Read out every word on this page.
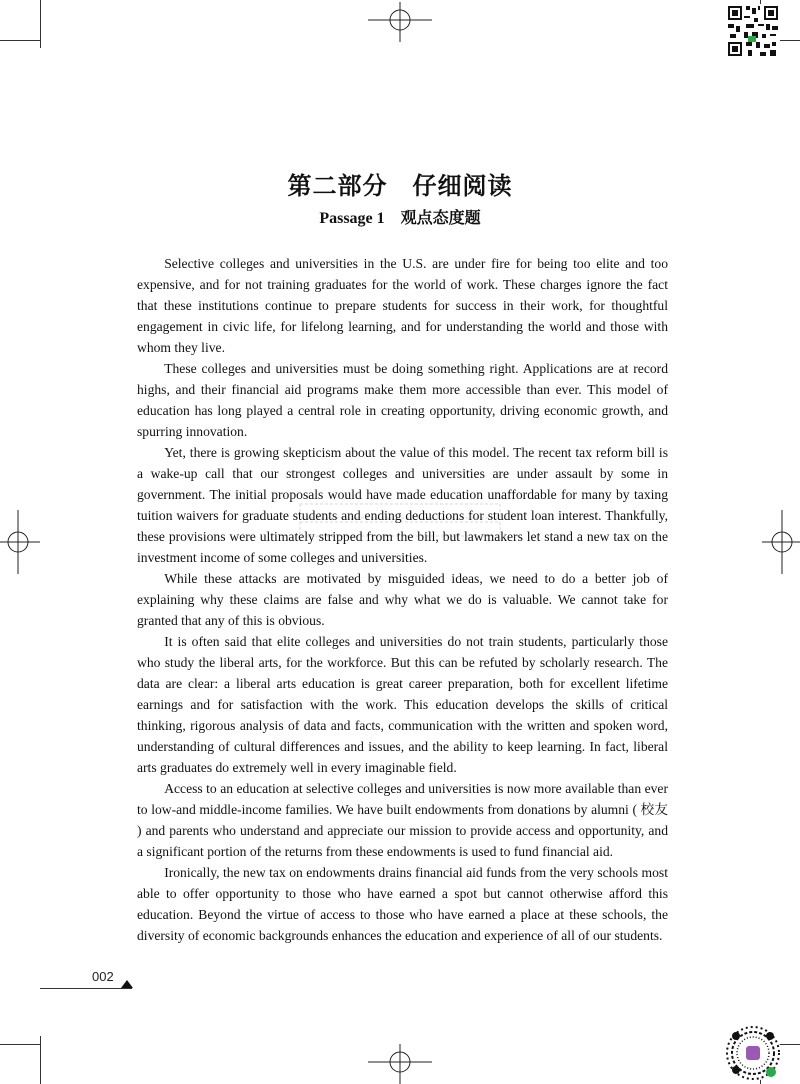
第二部分　仔细阅读
Passage 1　观点态度题

Selective colleges and universities in the U.S. are under fire for being too elite and too expensive, and for not training graduates for the world of work. These charges ignore the fact that these institutions continue to prepare students for success in their work, for thoughtful engagement in civic life, for lifelong learning, and for understanding the world and those with whom they live.

These colleges and universities must be doing something right. Applications are at record highs, and their financial aid programs make them more accessible than ever. This model of education has long played a central role in creating opportunity, driving economic growth, and spurring innovation.

Yet, there is growing skepticism about the value of this model. The recent tax reform bill is a wake-up call that our strongest colleges and universities are under assault by some in government. The initial proposals would have made education unaffordable for many by taxing tuition waivers for graduate students and ending deductions for student loan interest. Thankfully, these provisions were ultimately stripped from the bill, but lawmakers let stand a new tax on the investment income of some colleges and universities.

While these attacks are motivated by misguided ideas, we need to do a better job of explaining why these claims are false and why what we do is valuable. We cannot take for granted that any of this is obvious.

It is often said that elite colleges and universities do not train students, particularly those who study the liberal arts, for the workforce. But this can be refuted by scholarly research. The data are clear: a liberal arts education is great career preparation, both for excellent lifetime earnings and for satisfaction with the work. This education develops the skills of critical thinking, rigorous analysis of data and facts, communication with the written and spoken word, understanding of cultural differences and issues, and the ability to keep learning. In fact, liberal arts graduates do extremely well in every imaginable field.

Access to an education at selective colleges and universities is now more available than ever to low-and middle-income families. We have built endowments from donations by alumni ( 校友 ) and parents who understand and appreciate our mission to provide access and opportunity, and a significant portion of the returns from these endowments is used to fund financial aid.

Ironically, the new tax on endowments drains financial aid funds from the very schools most able to offer opportunity to those who have earned a spot but cannot otherwise afford this education. Beyond the virtue of access to those who have earned a place at these schools, the diversity of economic backgrounds enhances the education and experience of all of our students.

002
